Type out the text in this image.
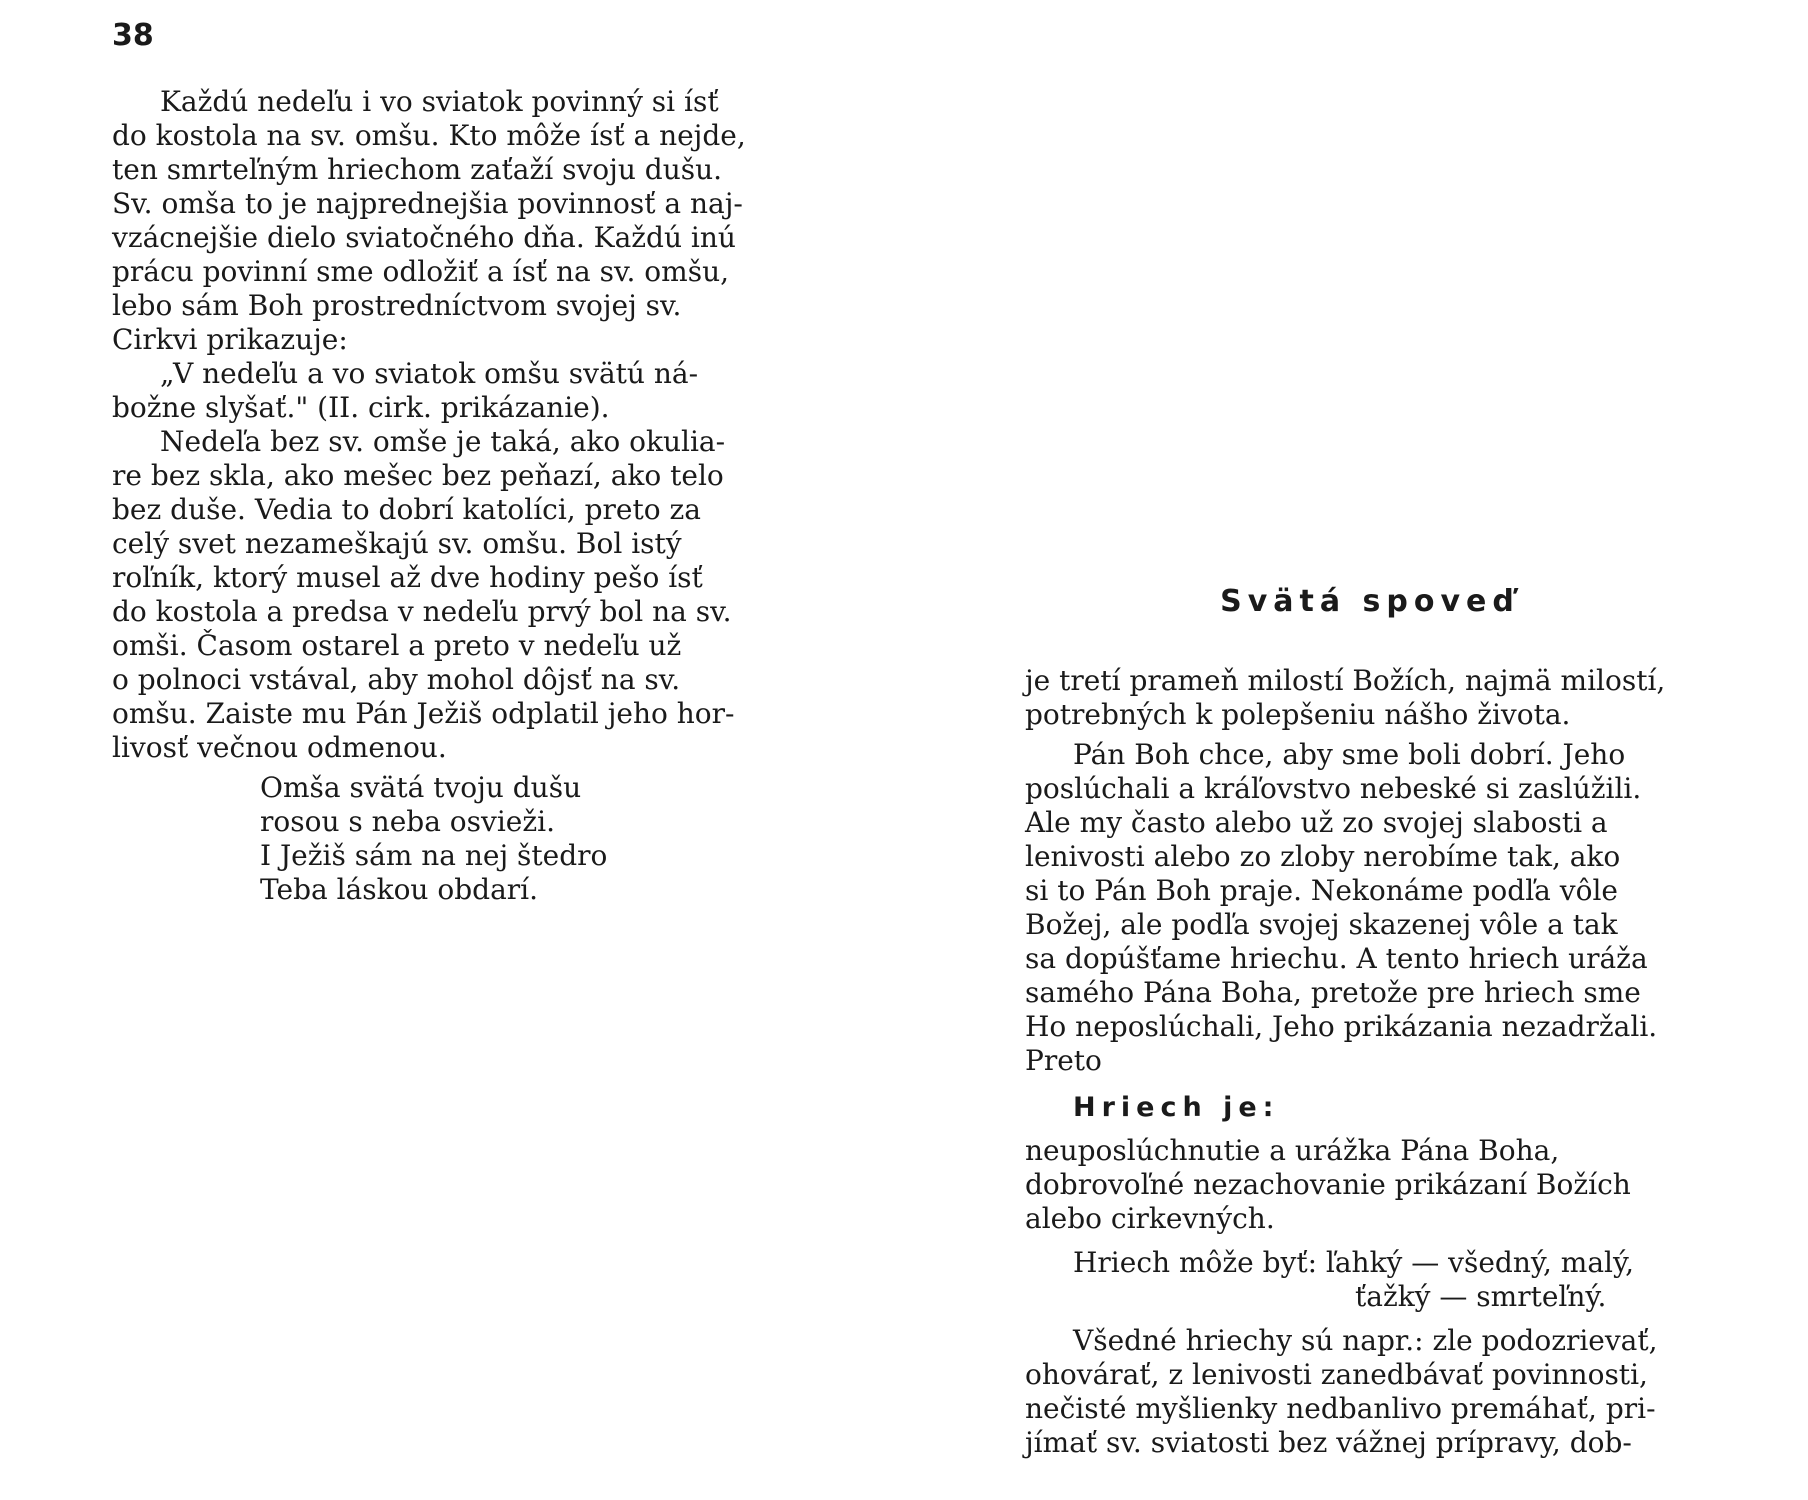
38
Každú nedeľu i vo sviatok povinný si ísť
do kostola na sv. omšu. Kto môže ísť a nejde,
ten smrteľným hriechom zaťaží svoju dušu.
Sv. omša to je najprednejšia povinnosť a naj-
vzácnejšie dielo sviatočného dňa. Každú inú
prácu povinní sme odložiť a ísť na sv. omšu,
lebo sám Boh prostredníctvom svojej sv.
Cirkvi prikazuje:
„V nedeľu a vo sviatok omšu svätú ná-
božne slyšať." (II. cirk. prikázanie).
Nedeľa bez sv. omše je taká, ako okuliа-
re bez skla, ako mešec bez peňazí, ako telo
bez duše. Vedia to dobrí katolíci, preto za
celý svet nezameškajú sv. omšu. Bol istý
roľník, ktorý musel až dve hodiny pešo ísť
do kostola a predsa v nedeľu prvý bol na sv.
omši. Časom ostarel a preto v nedeľu už
o polnoci vstával, aby mohol dôjsť na sv.
omšu. Zaiste mu Pán Ježiš odplatil jeho hor-
livosť večnou odmenou.
Omša svätá tvoju dušu
rosou s neba osvieži.
I Ježiš sám na nej štedro
Teba láskou obdarí.
Svätá spoveď
je tretí prameň milostí Božích, najmä milostí,
potrebných k polepšeniu nášho života.
Pán Boh chce, aby sme boli dobrí. Jeho
poslúchali a kráľovstvo nebeské si zaslúžili.
Ale my často alebo už zo svojej slabosti a
lenivosti alebo zo zloby nerobíme tak, ako
si to Pán Boh praje. Nekonáme podľa vôle
Božej, ale podľa svojej skazenej vôle a tak
sa dopúšťame hriechu. A tento hriech uráža
samého Pána Boha, pretože pre hriech sme
Ho neposlúchali, Jeho prikázania nezadržali.
Preto
Hriech je:
neuposlúchnutie a urážka Pána Boha,
dobrovoľné nezachovanie prikázaní Božích
alebo cirkevných.
Hriech môže byť: ľahký — všedný, malý,
ťažký — smrteľný.
Všedné hriechy sú napr.: zle podozrievať,
ohovárať, z lenivosti zanedbávať povinnosti,
nečisté myšlienky nedbanlivo premáhať, pri-
jímať sv. sviatosti bez vážnej prípravy, dob-
